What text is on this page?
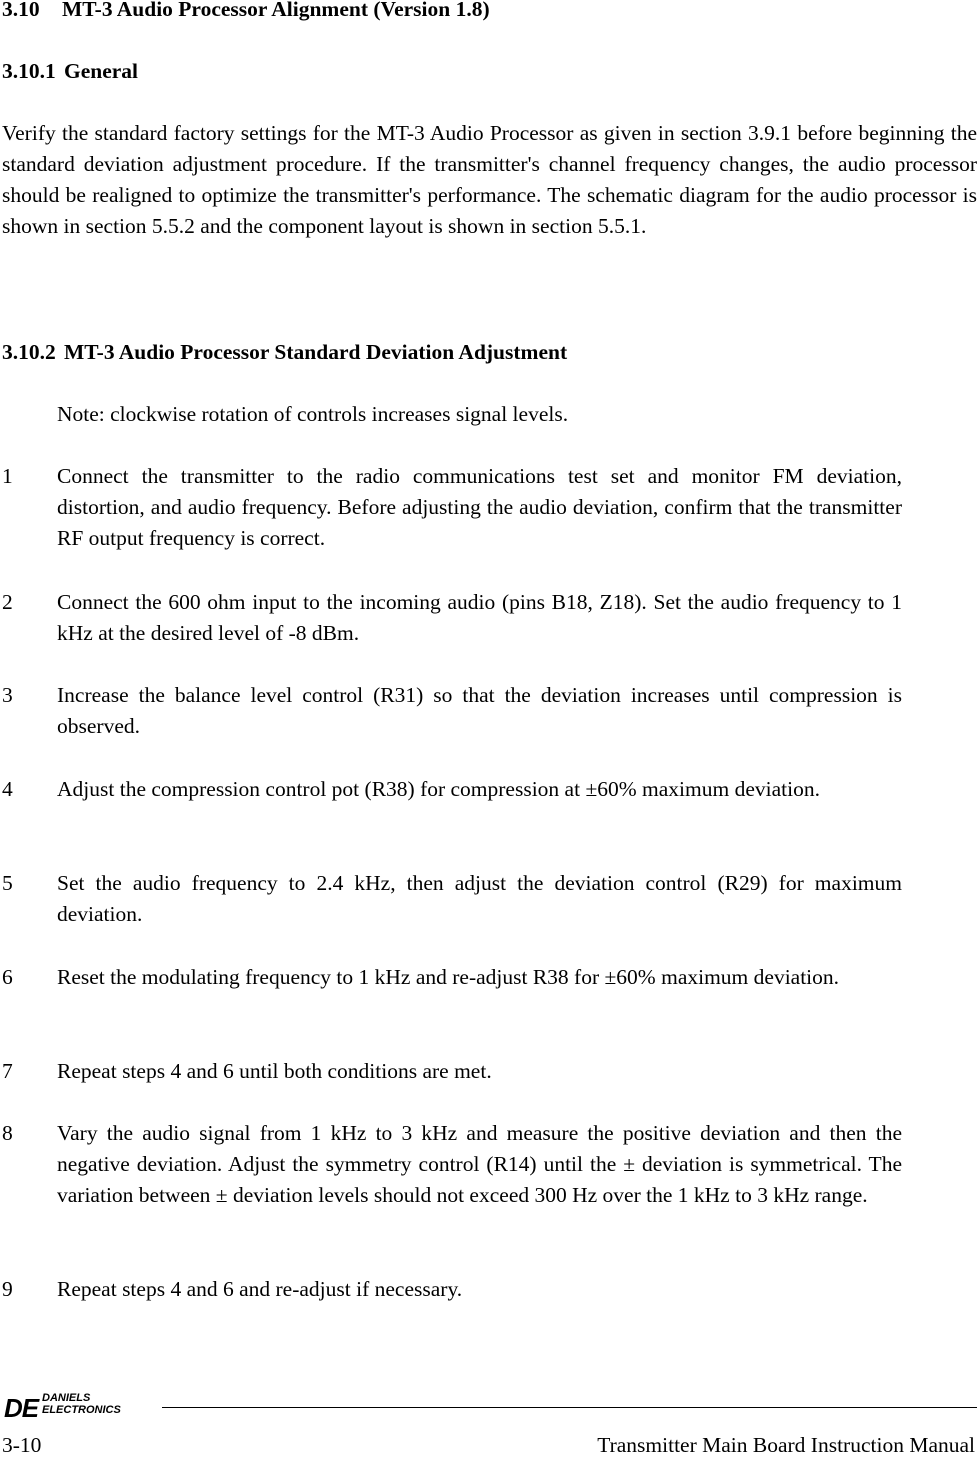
3.10 MT-3 Audio Processor Alignment (Version 1.8)
3.10.1 General
Verify the standard factory settings for the MT-3 Audio Processor as given in section 3.9.1 before beginning the standard deviation adjustment procedure. If the transmitter's channel frequency changes, the audio processor should be realigned to optimize the transmitter's performance. The schematic diagram for the audio processor is shown in section 5.5.2 and the component layout is shown in section 5.5.1.
3.10.2 MT-3 Audio Processor Standard Deviation Adjustment
Note: clockwise rotation of controls increases signal levels.
1	Connect the transmitter to the radio communications test set and monitor FM deviation, distortion, and audio frequency. Before adjusting the audio deviation, confirm that the transmitter RF output frequency is correct.
2	Connect the 600 ohm input to the incoming audio (pins B18, Z18). Set the audio frequency to 1 kHz at the desired level of -8 dBm.
3	Increase the balance level control (R31) so that the deviation increases until compression is observed.
4	Adjust the compression control pot (R38) for compression at ±60% maximum deviation.
5	Set the audio frequency to 2.4 kHz, then adjust the deviation control (R29) for maximum deviation.
6	Reset the modulating frequency to 1 kHz and re-adjust R38 for ±60% maximum deviation.
7	Repeat steps 4 and 6 until both conditions are met.
8	Vary the audio signal from 1 kHz to 3 kHz and measure the positive deviation and then the negative deviation. Adjust the symmetry control (R14) until the ± deviation is symmetrical. The variation between ± deviation levels should not exceed 300 Hz over the 1 kHz to 3 kHz range.
9	Repeat steps 4 and 6 and re-adjust if necessary.
DE DANIELS
ELECTRONICS
3-10	Transmitter Main Board Instruction Manual
